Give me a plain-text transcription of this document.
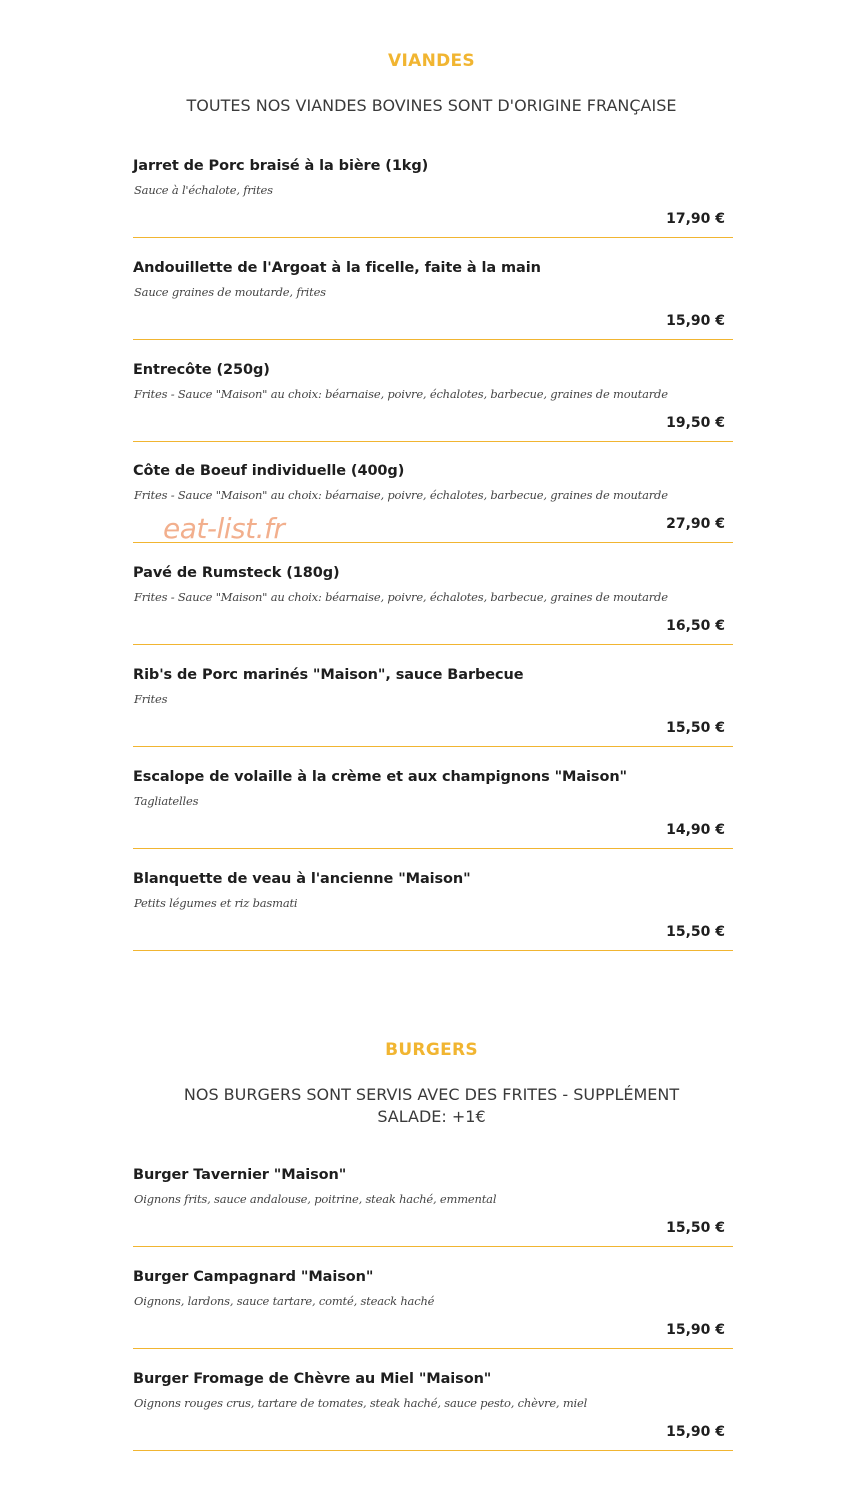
VIANDES
TOUTES NOS VIANDES BOVINES SONT D'ORIGINE FRANÇAISE
Jarret de Porc braisé à la bière (1kg)
Sauce à l'échalote, frites
17,90 €
Andouillette de l'Argoat à la ficelle, faite à la main
Sauce graines de moutarde, frites
15,90 €
Entrecôte (250g)
Frites - Sauce "Maison" au choix: béarnaise, poivre, échalotes, barbecue, graines de moutarde
19,50 €
Côte de Boeuf individuelle (400g)
Frites - Sauce "Maison" au choix: béarnaise, poivre, échalotes, barbecue, graines de moutarde
27,90 €
Pavé de Rumsteck (180g)
Frites - Sauce "Maison" au choix: béarnaise, poivre, échalotes, barbecue, graines de moutarde
16,50 €
Rib's de Porc marinés "Maison", sauce Barbecue
Frites
15,50 €
Escalope de volaille à la crème et aux champignons "Maison"
Tagliatelles
14,90 €
Blanquette de veau à l'ancienne "Maison"
Petits légumes et riz basmati
15,50 €
eat-list.fr
BURGERS
NOS BURGERS SONT SERVIS AVEC DES FRITES - SUPPLÉMENT
SALADE: +1€
Burger Tavernier "Maison"
Oignons frits, sauce andalouse, poitrine, steak haché, emmental
15,50 €
Burger Campagnard "Maison"
Oignons, lardons, sauce tartare, comté, steack haché
15,90 €
Burger Fromage de Chèvre au Miel "Maison"
Oignons rouges crus, tartare de tomates, steak haché, sauce pesto, chèvre, miel
15,90 €
